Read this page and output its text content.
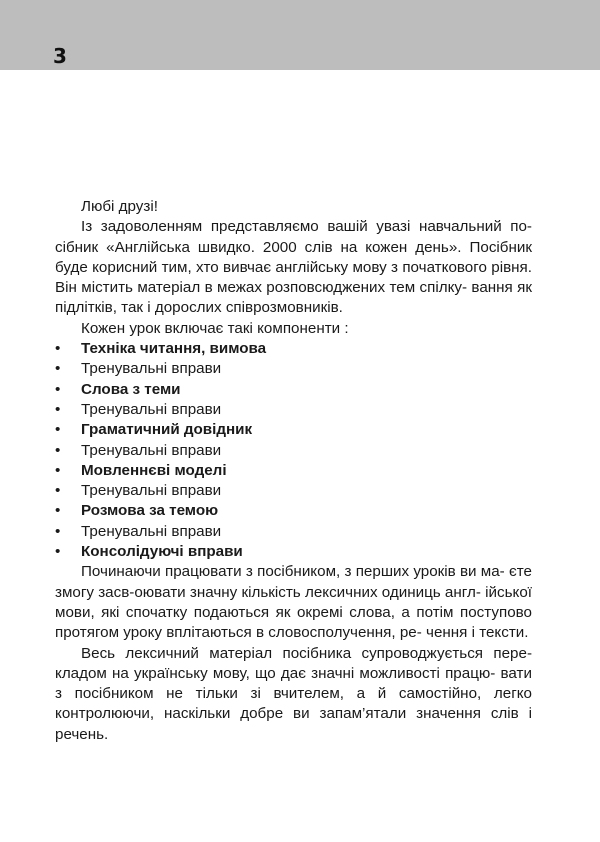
3

Любі друзі!

Із задоволенням представляємо вашій увазі навчальний по- сібник «Англійська швидко. 2000 слів на кожен день». Посібник буде корисний тим, хто вивчає англійську мову з початкового рівня. Він містить матеріал в межах розповсюджених тем спілку- вання як підлітків, так і дорослих співрозмовників.

Кожен урок включає такі компоненти :

•	Техніка читання, вимова
•	Тренувальні вправи
•	Слова з теми
•	Тренувальні вправи
•	Граматичний довідник
•	Тренувальні вправи
•	Мовленнєві моделі
•	Тренувальні вправи
•	Розмова за темою
•	Тренувальні вправи
•	Консолідуючі вправи

Починаючи працювати з посібником, з перших уроків ви ма- єте змогу засв-оювати значну кількість лексичних одиниць англ- ійської мови, які спочатку подаються як окремі слова, а потім поступово протягом уроку вплітаються в словосполучення, ре- чення і тексти.

Весь лексичний матеріал посібника супроводжується пере- кладом на українську мову, що дає значні можливості працю- вати з посібником не тільки зі вчителем, а й самостійно, легко контролюючи, наскільки добре ви запам’ятали значення слів і речень.
